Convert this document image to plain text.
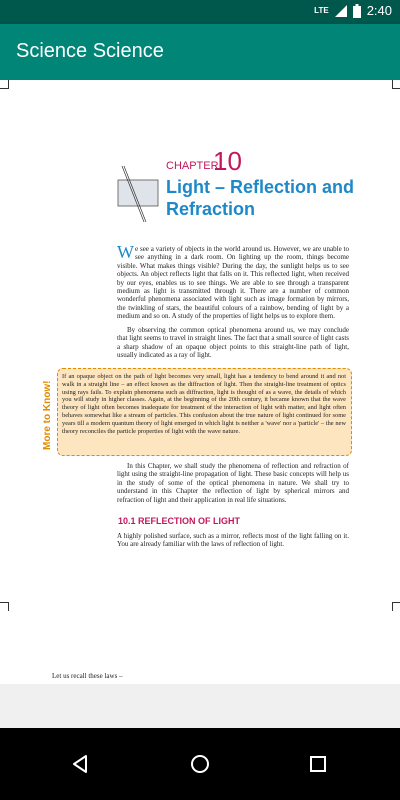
LTE	2:40
Science Science
CHAPTER
10
Light – Reflection and
Refraction
We see a variety of objects in the world around us. However, we are unable to see anything in a dark room. On lighting up the room, things become visible. What makes things visible? During the day, the sunlight helps us to see objects. An object reflects light that falls on it. This reflected light, when received by our eyes, enables us to see things. We are able to see through a transparent medium as light is transmitted through it. There are a number of common wonderful phenomena associated with light such as image formation by mirrors, the twinkling of stars, the beautiful colours of a rainbow, bending of light by a medium and so on. A study of the properties of light helps us to explore them.
By observing the common optical phenomena around us, we may conclude that light seems to travel in straight lines. The fact that a small source of light casts a sharp shadow of an opaque object points to this straight-line path of light, usually indicated as a ray of light.
More to Know!
If an opaque object on the path of light becomes very small, light has a tendency to bend around it and not walk in a straight line – an effect known as the diffraction of light. Then the straight-line treatment of optics using rays fails. To explain phenomena such as diffraction, light is thought of as a wave, the details of which you will study in higher classes. Again, at the beginning of the 20th century, it became known that the wave theory of light often becomes inadequate for treatment of the interaction of light with matter, and light often behaves somewhat like a stream of particles. This confusion about the true nature of light continued for some years till a modern quantum theory of light emerged in which light is neither a 'wave' nor a 'particle' – the new theory reconciles the particle properties of light with the wave nature.
In this Chapter, we shall study the phenomena of reflection and refraction of light using the straight-line propagation of light. These basic concepts will help us in the study of some of the optical phenomena in nature. We shall try to understand in this Chapter the reflection of light by spherical mirrors and refraction of light and their application in real life situations.
10.1 REFLECTION OF LIGHT
A highly polished surface, such as a mirror, reflects most of the light falling on it. You are already familiar with the laws of reflection of light.
Let us recall these laws –
